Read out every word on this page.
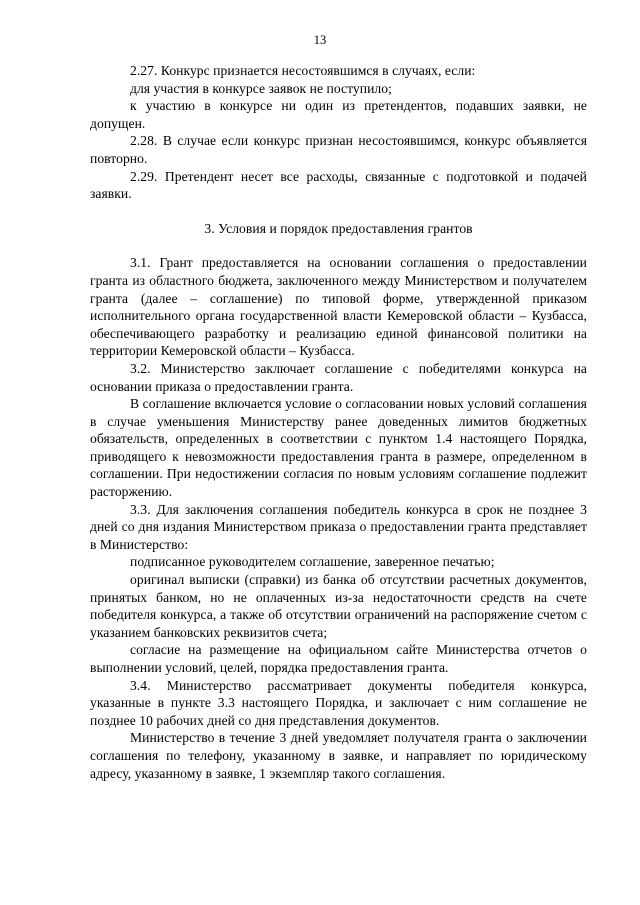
13

2.27. Конкурс признается несостоявшимся в случаях, если:

для участия в конкурсе заявок не поступило;

к участию в конкурсе ни один из претендентов, подавших заявки, не допущен.

2.28. В случае если конкурс признан несостоявшимся, конкурс объявляется повторно.

2.29. Претендент несет все расходы, связанные с подготовкой и подачей заявки.

3. Условия и порядок предоставления грантов

3.1. Грант предоставляется на основании соглашения о предоставлении гранта из областного бюджета, заключенного между Министерством и получателем гранта (далее – соглашение) по типовой форме, утвержденной приказом исполнительного органа государственной власти Кемеровской области – Кузбасса, обеспечивающего разработку и реализацию единой финансовой политики на территории Кемеровской области – Кузбасса.

3.2. Министерство заключает соглашение с победителями конкурса на основании приказа о предоставлении гранта.

В соглашение включается условие о согласовании новых условий соглашения в случае уменьшения Министерству ранее доведенных лимитов бюджетных обязательств, определенных в соответствии с пунктом 1.4 настоящего Порядка, приводящего к невозможности предоставления гранта в размере, определенном в соглашении. При недостижении согласия по новым условиям соглашение подлежит расторжению.

3.3. Для заключения соглашения победитель конкурса в срок не позднее 3 дней со дня издания Министерством приказа о предоставлении гранта представляет в Министерство:

подписанное руководителем соглашение, заверенное печатью;

оригинал выписки (справки) из банка об отсутствии расчетных документов, принятых банком, но не оплаченных из-за недостаточности средств на счете победителя конкурса, а также об отсутствии ограничений на распоряжение счетом с указанием банковских реквизитов счета;

согласие на размещение на официальном сайте Министерства отчетов о выполнении условий, целей, порядка предоставления гранта.

3.4. Министерство рассматривает документы победителя конкурса, указанные в пункте 3.3 настоящего Порядка, и заключает с ним соглашение не позднее 10 рабочих дней со дня представления документов.

Министерство в течение 3 дней уведомляет получателя гранта о заключении соглашения по телефону, указанному в заявке, и направляет по юридическому адресу, указанному в заявке, 1 экземпляр такого соглашения.
